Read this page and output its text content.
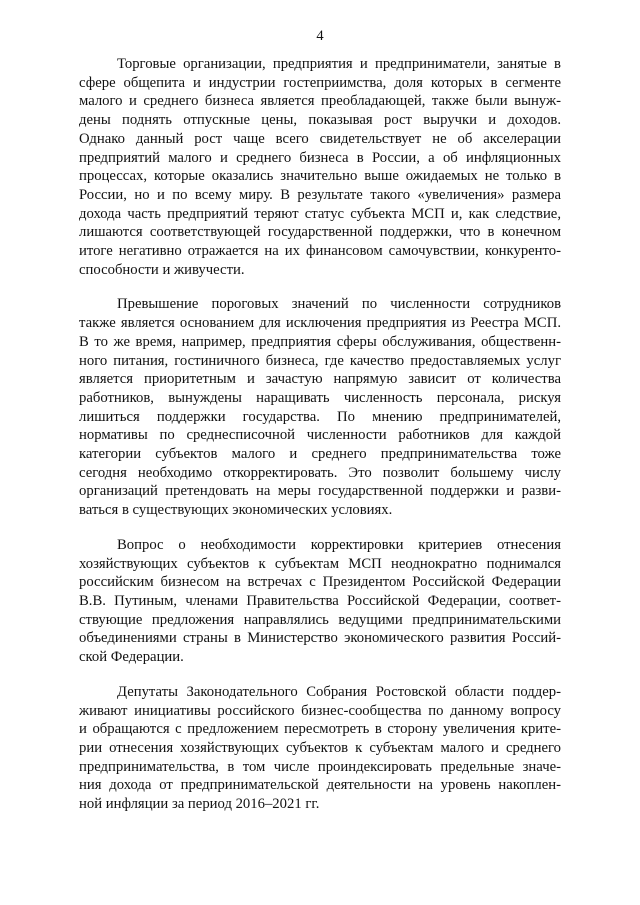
4

Торговые организации, предприятия и предприниматели, занятые в
сфере общепита и индустрии гостеприимства, доля которых в сегменте
малого и среднего бизнеса является преобладающей, также были вынуж-
дены поднять отпускные цены, показывая рост выручки и доходов.
Однако данный рост чаще всего свидетельствует не об акселерации
предприятий малого и среднего бизнеса в России, а об инфляционных
процессах, которые оказались значительно выше ожидаемых не только в
России, но и по всему миру. В результате такого «увеличения» размера
дохода часть предприятий теряют статус субъекта МСП и, как следствие,
лишаются соответствующей государственной поддержки, что в конечном
итоге негативно отражается на их финансовом самочувствии, конкуренто-
способности и живучести.

Превышение пороговых значений по численности сотрудников
также является основанием для исключения предприятия из Реестра МСП.
В то же время, например, предприятия сферы обслуживания, общественн-
ного питания, гостиничного бизнеса, где качество предоставляемых услуг
является приоритетным и зачастую напрямую зависит от количества
работников, вынуждены наращивать численность персонала, рискуя
лишиться поддержки государства. По мнению предпринимателей,
нормативы по среднесписочной численности работников для каждой
категории субъектов малого и среднего предпринимательства тоже
сегодня необходимо откорректировать. Это позволит большему числу
организаций претендовать на меры государственной поддержки и разви-
ваться в существующих экономических условиях.

Вопрос о необходимости корректировки критериев отнесения
хозяйствующих субъектов к субъектам МСП неоднократно поднимался
российским бизнесом на встречах с Президентом Российской Федерации
В.В. Путиным, членами Правительства Российской Федерации, соответ-
ствующие предложения направлялись ведущими предпринимательскими
объединениями страны в Министерство экономического развития Россий-
ской Федерации.

Депутаты Законодательного Собрания Ростовской области поддер-
живают инициативы российского бизнес-сообщества по данному вопросу
и обращаются с предложением пересмотреть в сторону увеличения крите-
рии отнесения хозяйствующих субъектов к субъектам малого и среднего
предпринимательства, в том числе проиндексировать предельные значе-
ния дохода от предпринимательской деятельности на уровень накоплен-
ной инфляции за период 2016–2021 гг.
